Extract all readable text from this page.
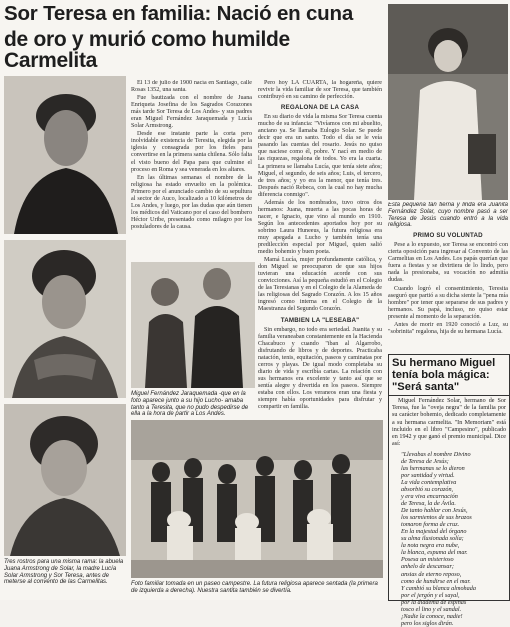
Sor Teresa en familia: Nació en cuna
de oro y murió como humilde Carmelita
Tres rostros para una misma rama: la abuela Juana Armstrong de Solar, la madre Lucía Solar Armstrong y Sor Teresa, antes de meterse al convento de las Carmelitas.

El 13 de julio de 1900 nacía en Santiago, calle Rosas 1352, una santa.

Fue bautizada con el nombre de Juana Enriqueta Josefina de los Sagrados Corazones más tarde Sor Teresa de Los Andes- y sus padres eran Miguel Fernández Jaraquemada y Lucía Solar Armstrong.

Desde ese instante parte la corta pero inolvidable existencia de Teresita, elegida por la iglesia y consagrada por los fieles para convertirse en la primera santa chilena. Sólo falta el visto bueno del Papa para que culmine el proceso en Roma y sea venerada en los altares.

En las últimas semanas el nombre de la religiosa ha estado envuelto en la polémica. Primero por el anunciado cambio de su sepultura al sector de Auco, localizado a 10 kilómetros de Los Andes, y luego, por las dudas que aún tienen los médicos del Vaticano por el caso del bombero Héctor Uribe, presentado como milagro por los postuladores de la causa.

Pero hoy LA CUARTA, la hogareña, quiere revivir la vida familiar de sor Teresa, que también contribuyó en su camino de perfección.

REGALONA DE LA CASA

En su diario de vida la misma Sor Teresa cuenta mucho de su infancia: "Vivíamos con mi abuelito, anciano ya. Se llamaba Eulogio Solar. Se puede decir que era un santo. Todo el día se le veía pasando las cuentas del rosario. Jesús no quiso que naciese como él, pobre. Y nací en medio de las riquezas, regalona de todos. Yo era la cuarta. La primera se llamaba Lucía, que tenía siete años; Miguel, el segundo, de seis años; Luis, el tercero, de tres años; y yo era la menor, que tenía tres. Después nació Rebeca, con la cual no hay mucha diferencia conmigo".

Además de los nombrados, tuvo otros dos hermanos: Juana, muerta a las pocas horas de nacer, e Ignacio, que vino al mundo en 1910. Según los antecedentes aportados hoy por su sobrino Laura Huneeus, la futura religiosa era muy apegada a Lucho y también tenía una predilección especial por Miguel, quien salió medio bohemio y buen poeta.

Mamá Lucía, mujer profundamente católica, y don Miguel se preocuparon de que sus hijos tuvieran una educación acorde con sus convicciones. Así la pequeña estudió en el Colegio de las Teresianas y en el Colegio de la Alameda de las religiosas del Sagrado Corazón. A los 15 años ingresó como interna en el Colegio de la Maestranza del Segundo Corazón.

TAMBIEN LA "LESEABA"

Sin embargo, no todo era seriedad. Juanita y su familia veraneaban constantemente en la Hacienda Chacabuco y cuando "iban al Algarrobo, disfrutando de libros y de deportes. Practicaba natación, tenis, equitación, paseos y caminatas por cerros y playas. De igual modo completaba su diario de vida y escribía cartas. La relación con sus hermanos era excelente y tanto así que se sentía alegre y divertida en los paseos. Siempre estaba con ellos. Los veraneos eran una fiesta y siempre había oportunidades para disfrutar y compartir en familia.

Miguel Fernández Jaraquemada -que en la foto aparece junto a su hijo Lucho- amaba tanto a Teresita, que no pudo despedirse de ella a la hora de partir a Los Andes.
Foto familiar tomada en un paseo campestre. La futura religiosa aparece sentada (la primera de izquierda a derecha). Nuestra santita también se divertía.
Esta pequeña tan tierna y linda era Juanita Fernández Solar, cuyo nombre pasó a ser Teresa de Jesús cuando entró a la vida religiosa.
PRIMO SU VOLUNTAD

Pese a lo expuesto, sor Teresa se encontró con cierta oposición para ingresar al Convento de las Carmelitas en Los Andes. Los papás querían que fuera a fiestas y se divirtiera de lo lindo, pero nada la presionaba, su vocación no admitía dudas.

Cuando logró el consentimiento, Teresita aseguró que partió a su dicha siente la "pena mía hombre" por tener que separarse de sus padres y hermanos. Su papá, incluso, no quiso estar presente al momento de la separación.

Antes de morir en 1920 conoció a Luz, su "sobrinita" regalona, hija de su hermana Lucía.

Su hermano Miguel tenía bola mágica: "Será santa"

Miguel Fernández Solar, hermano de Sor Teresa, fue la "oveja negra" de la familia por su carácter bohemio, dedicado completamente a su hermana carmelita. "In Memoriam" está incluido en el libro "Campesino", publicado en 1942 y que ganó el premio municipal. Dice así:

"Llevabas el nombre Divino
de Teresa de Jesús;
las hermanas se lo dieron
por santidad y virtud.
La vida contemplativa
absorbió su corazón,
y era viva encarnación
de Teresa, la de Ávila.
De tanto hablar con Jesús,
los sarmientos de sus brazos
tomaron forma de cruz.
En la majestad del órgano
su alma ilusionada solía;
la nota negra era nube,
la blanca, espuma del mar.
Posesa un misterioso
anhelo de descansar;
ansias de eterno reposo,
como de hundirse en el mar.
Y cambió su blanca almohada
por el jergón y el sayal,
por la diadema de espinas
tosco el lino y el sandal.
¡Nadie la conoce, nadie!
pero los siglos dirán.
